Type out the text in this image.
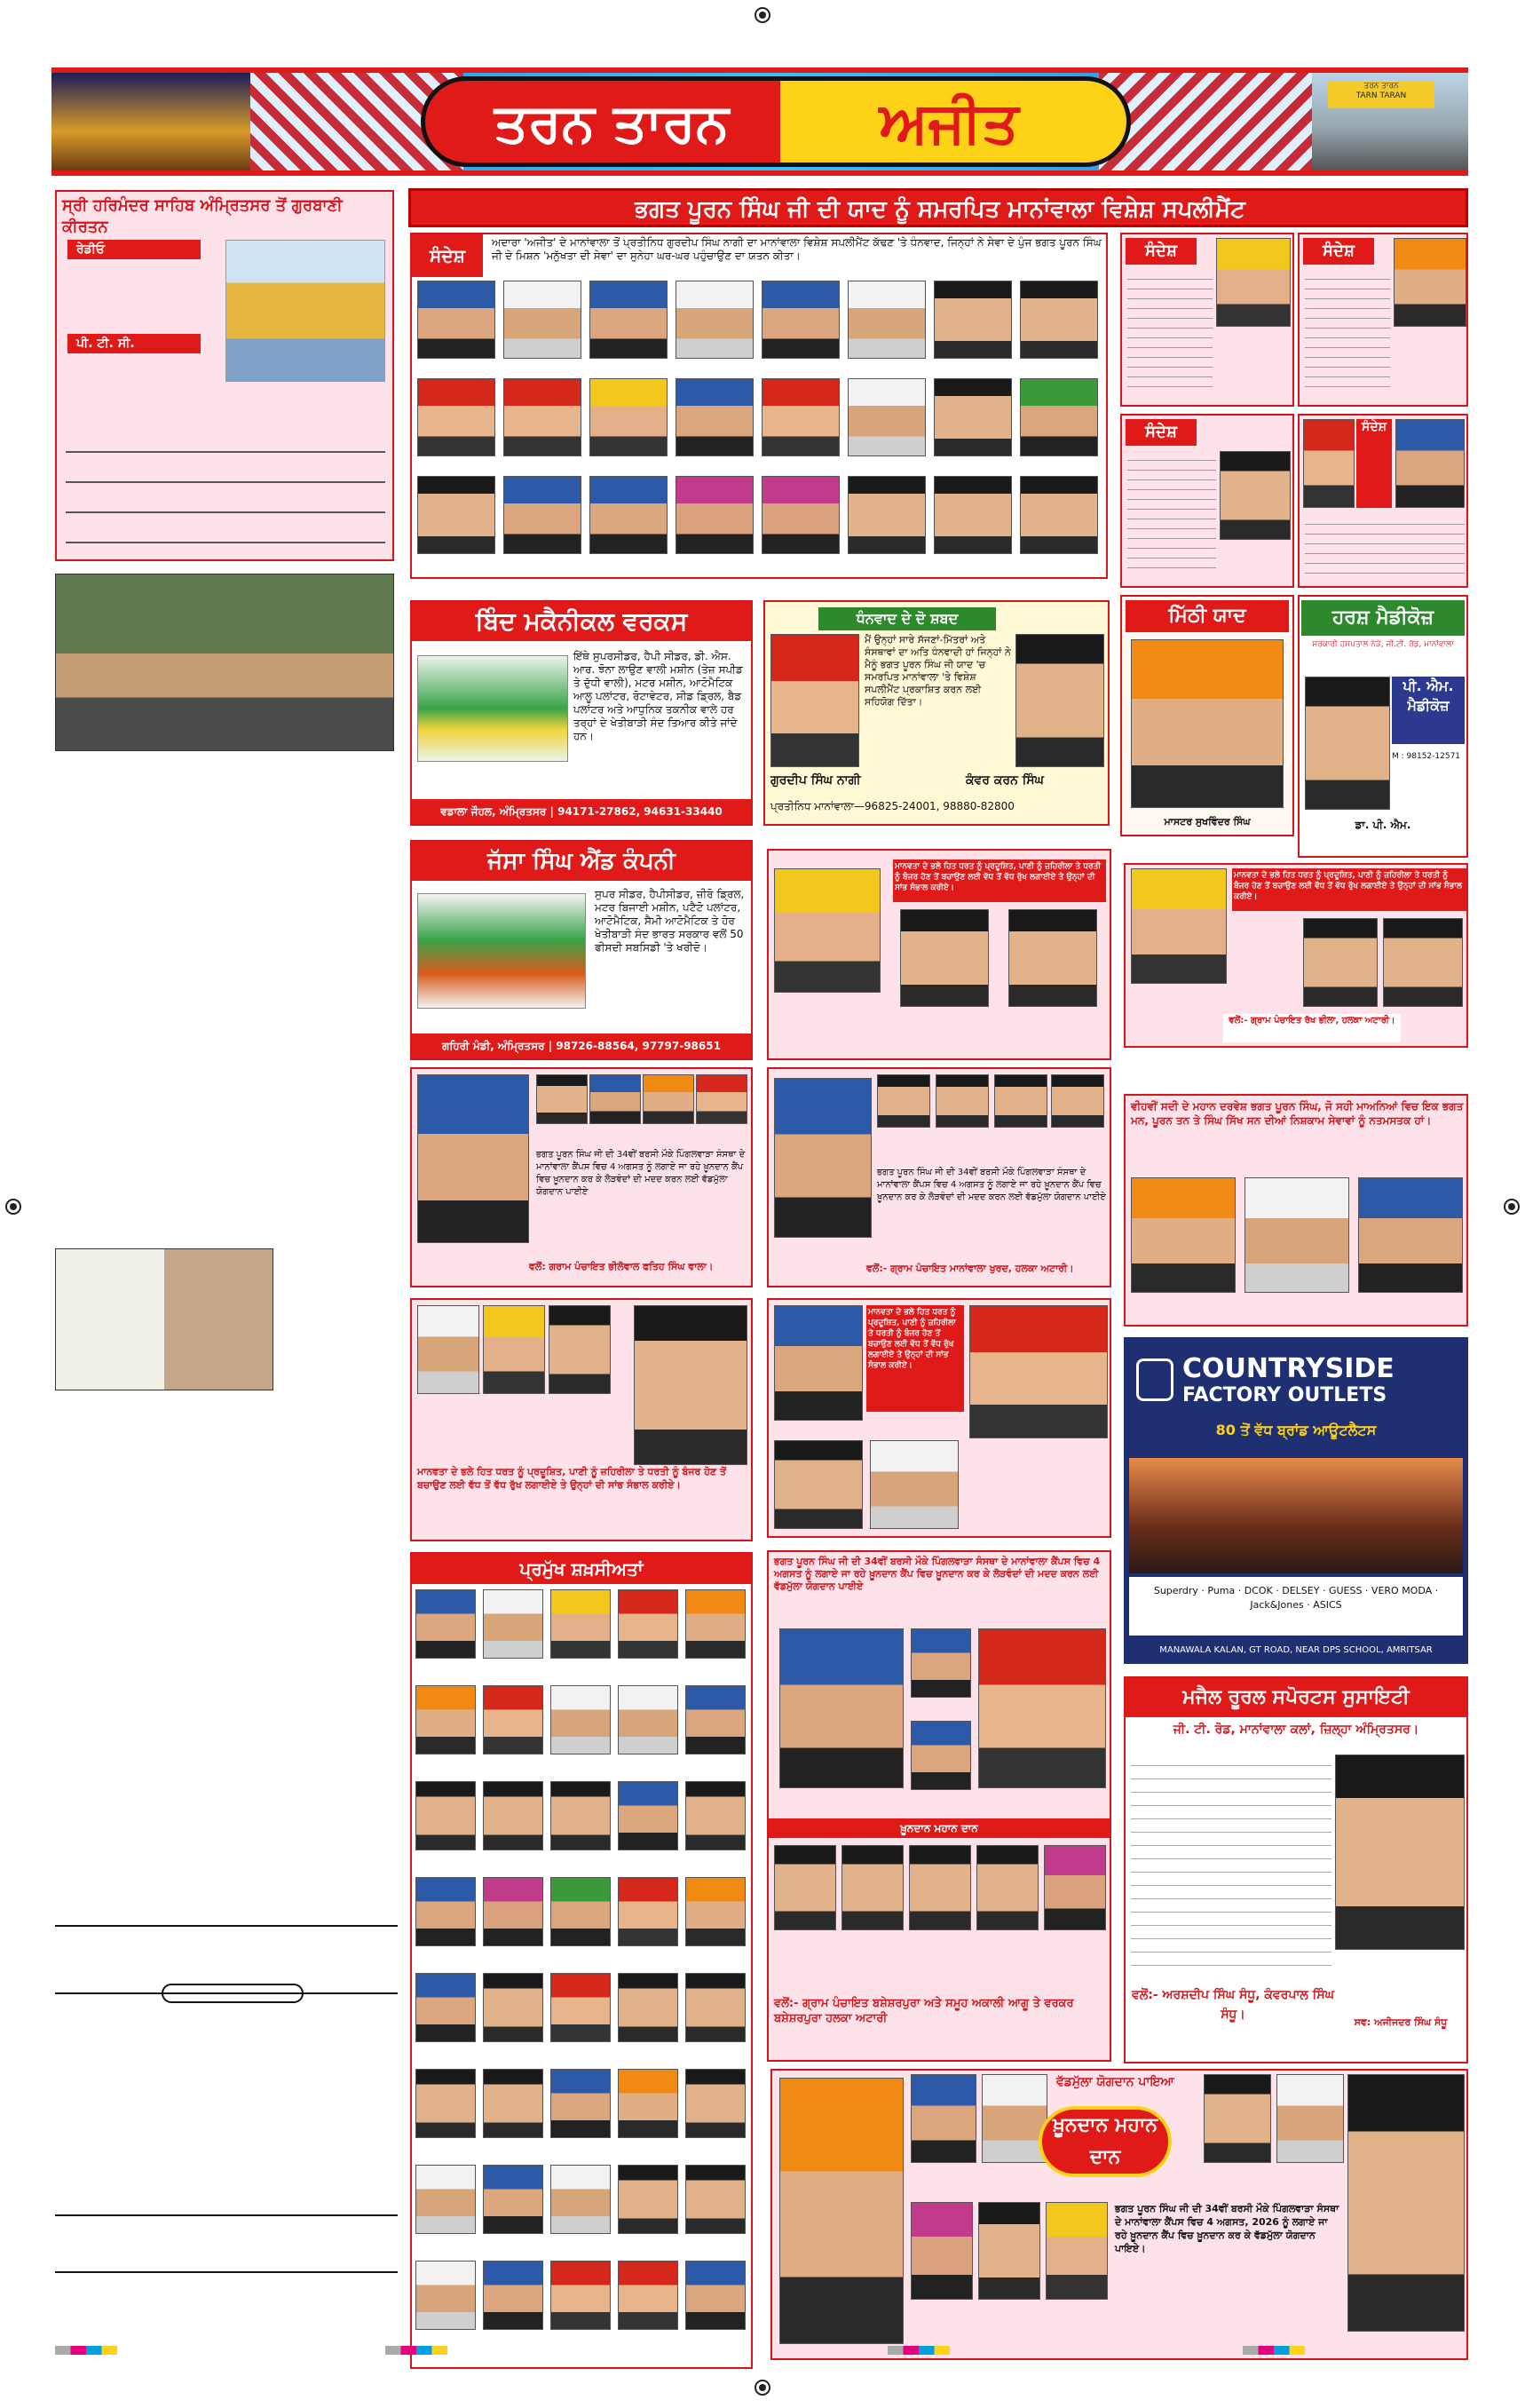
ਤਰਨ ਤਾਰਨ	ਅਜੀਤ
ਤਰਨ ਤਾਰਨ
TARN TARAN
ਸ੍ਰੀ ਹਰਿਮੰਦਰ ਸਾਹਿਬ ਅੰਮ੍ਰਿਤਸਰ ਤੋਂ ਗੁਰਬਾਣੀ ਕੀਰਤਨ
ਰੇਡੀਓ
ਪੀ. ਟੀ. ਸੀ.
ਭਗਤ ਪੂਰਨ ਸਿੰਘ ਜੀ ਦੀ ਯਾਦ ਨੂੰ ਸਮਰਪਿਤ ਮਾਨਾਂਵਾਲਾ ਵਿਸ਼ੇਸ਼ ਸਪਲੀਮੈਂਟ
ਸੰਦੇਸ਼
ਅਦਾਰਾ 'ਅਜੀਤ' ਦੇ ਮਾਨਾਂਵਾਲਾ ਤੋਂ ਪ੍ਰਤੀਨਿਧ ਗੁਰਦੀਪ ਸਿੰਘ ਨਾਗੀ ਦਾ ਮਾਨਾਂਵਾਲਾ ਵਿਸ਼ੇਸ਼ ਸਪਲੀਮੈਂਟ ਕੱਢਣ 'ਤੇ ਧੰਨਵਾਦ, ਜਿਨ੍ਹਾਂ ਨੇ ਸੇਵਾ ਦੇ ਪੁੰਜ ਭਗਤ ਪੂਰਨ ਸਿੰਘ ਜੀ ਦੇ ਮਿਸ਼ਨ 'ਮਨੁੱਖਤਾ ਦੀ ਸੇਵਾ' ਦਾ ਸੁਨੇਹਾ ਘਰ-ਘਰ ਪਹੁੰਚਾਉਣ ਦਾ ਯਤਨ ਕੀਤਾ।	ਸੰਦੇਸ਼	ਸੰਦੇਸ਼
ਸੰਦੇਸ਼	ਸੰਦੇਸ਼
ਬਿੰਦ ਮਕੈਨੀਕਲ ਵਰਕਸ
ਇੱਥੇ ਸੁਪਰਸੀਡਰ, ਹੈਪੀ ਸੀਡਰ, ਡੀ. ਐਸ. ਆਰ. ਝੋਨਾ ਲਾਉਣ ਵਾਲੀ ਮਸ਼ੀਨ (ਤੇਜ਼ ਸਪੀਡ ਤੇ ਦੁੱਧੀ ਵਾਲੀ), ਮਟਰ ਮਸ਼ੀਨ, ਆਟੋਮੈਟਿਕ ਆਲੂ ਪਲਾਂਟਰ, ਰੋਟਾਵੇਟਰ, ਸੀਡ ਡ੍ਰਿਲ, ਬੈਡ ਪਲਾਂਟਰ ਅਤੇ ਆਧੁਨਿਕ ਤਕਨੀਕ ਵਾਲੇ ਹਰ ਤਰ੍ਹਾਂ ਦੇ ਖੇਤੀਬਾੜੀ ਸੰਦ ਤਿਆਰ ਕੀਤੇ ਜਾਂਦੇ ਹਨ।
ਵਡਾਲਾ ਜੌਹਲ, ਅੰਮ੍ਰਿਤਸਰ | 94171-27862, 94631-33440
ਧੰਨਵਾਦ ਦੇ ਦੋ ਸ਼ਬਦ
ਮੈਂ ਉਨ੍ਹਾਂ ਸਾਰੇ ਸੱਜਣਾਂ-ਮਿੱਤਰਾਂ ਅਤੇ ਸੰਸਥਾਵਾਂ ਦਾ ਅਤਿ ਧੰਨਵਾਦੀ ਹਾਂ ਜਿਨ੍ਹਾਂ ਨੇ ਮੈਨੂੰ ਭਗਤ ਪੂਰਨ ਸਿੰਘ ਜੀ ਯਾਦ 'ਚ ਸਮਰਪਿਤ ਮਾਨਾਂਵਾਲਾ 'ਤੇ ਵਿਸ਼ੇਸ਼ ਸਪਲੀਮੈਂਟ ਪ੍ਰਕਾਸ਼ਿਤ ਕਰਨ ਲਈ ਸਹਿਯੋਗ ਦਿੱਤਾ।
ਗੁਰਦੀਪ ਸਿੰਘ ਨਾਗੀ	ਕੰਵਰ ਕਰਨ ਸਿੰਘ
ਪ੍ਰਤੀਨਿਧ ਮਾਨਾਂਵਾਲਾ—96825-24001, 98880-82800
ਮਿੱਠੀ ਯਾਦ
ਮਾਸਟਰ ਸੁਖਵਿੰਦਰ ਸਿੰਘ
ਹਰਸ਼ ਮੈਡੀਕੋਜ਼
ਸਰਕਾਰੀ ਹਸਪਤਾਲ ਨੇੜੇ, ਜੀ.ਟੀ. ਰੋਡ, ਮਾਨਾਂਵਾਲਾ
ਪੀ. ਐਮ. ਮੈਡੀਕੋਜ਼
M : 98152-12571
ਡਾ. ਪੀ. ਐਮ.
ਜੱਸਾ ਸਿੰਘ ਐਂਡ ਕੰਪਨੀ
ਸੁਪਰ ਸੀਡਰ, ਹੈਪੀਸੀਡਰ, ਜ਼ੀਰੋ ਡ੍ਰਿਲ, ਮਟਰ ਬਿਜਾਈ ਮਸ਼ੀਨ, ਪਟੈਟੋ ਪਲਾਂਟਰ, ਆਟੋਮੈਟਿਕ, ਸੈਮੀ ਆਟੋਮੈਟਿਕ ਤੇ ਹੋਰ ਖੇਤੀਬਾੜੀ ਸੰਦ ਭਾਰਤ ਸਰਕਾਰ ਵਲੋਂ 50 ਫੀਸਦੀ ਸਬਸਿਡੀ 'ਤੇ ਖਰੀਦੋ।
ਗਹਿਰੀ ਮੰਡੀ, ਅੰਮ੍ਰਿਤਸਰ | 98726-88564, 97797-98651
ਮਾਨਵਤਾ ਦੇ ਭਲੇ ਹਿਤ ਧਰਤ ਨੂੰ ਪ੍ਰਦੂਸ਼ਿਤ, ਪਾਣੀ ਨੂੰ ਜ਼ਹਿਰੀਲਾ ਤੇ ਧਰਤੀ ਨੂੰ ਬੰਜਰ ਹੋਣ ਤੋਂ ਬਚਾਉਣ ਲਈ ਵੱਧ ਤੋਂ ਵੱਧ ਰੁੱਖ ਲਗਾਈਏ ਤੇ ਉਨ੍ਹਾਂ ਦੀ ਸਾਂਭ ਸੰਭਾਲ ਕਰੀਏ।
ਮਾਨਵਤਾ ਦੇ ਭਲੇ ਹਿਤ ਧਰਤ ਨੂੰ ਪ੍ਰਦੂਸ਼ਿਤ, ਪਾਣੀ ਨੂੰ ਜ਼ਹਿਰੀਲਾ ਤੇ ਧਰਤੀ ਨੂੰ ਬੰਜਰ ਹੋਣ ਤੋਂ ਬਚਾਉਣ ਲਈ ਵੱਧ ਤੋਂ ਵੱਧ ਰੁੱਖ ਲਗਾਈਏ ਤੇ ਉਨ੍ਹਾਂ ਦੀ ਸਾਂਭ ਸੰਭਾਲ ਕਰੀਏ।
ਵਲੋਂ:- ਗ੍ਰਾਮ ਪੰਚਾਇਤ ਰੱਖ ਭੀਲਾ, ਹਲਕਾ ਅਟਾਰੀ।
ਭਗਤ ਪੂਰਨ ਸਿੰਘ ਜੀ ਦੀ 34ਵੀਂ ਬਰਸੀ ਮੌਕੇ ਪਿੰਗਲਵਾੜਾ ਸੰਸਥਾ ਦੇ ਮਾਨਾਂਵਾਲਾ ਕੈਂਪਸ ਵਿਚ 4 ਅਗਸਤ ਨੂੰ ਲਗਾਏ ਜਾ ਰਹੇ ਖ਼ੂਨਦਾਨ ਕੈਂਪ ਵਿਚ ਖ਼ੂਨਦਾਨ ਕਰ ਕੇ ਲੋੜਵੰਦਾਂ ਦੀ ਮਦਦ ਕਰਨ ਲਈ ਵੱਡਮੁੱਲਾ ਯੋਗਦਾਨ ਪਾਈਏ
ਵਲੋਂ: ਗਰਾਮ ਪੰਚਾਇਤ ਭੀਲੋਵਾਲ ਫਤਿਹ ਸਿੰਘ ਵਾਲਾ।
ਭਗਤ ਪੂਰਨ ਸਿੰਘ ਜੀ ਦੀ 34ਵੀਂ ਬਰਸੀ ਮੌਕੇ ਪਿੰਗਲਵਾੜਾ ਸੰਸਥਾ ਦੇ ਮਾਨਾਂਵਾਲਾ ਕੈਂਪਸ ਵਿਚ 4 ਅਗਸਤ ਨੂੰ ਲਗਾਏ ਜਾ ਰਹੇ ਖ਼ੂਨਦਾਨ ਕੈਂਪ ਵਿਚ ਖ਼ੂਨਦਾਨ ਕਰ ਕੇ ਲੋੜਵੰਦਾਂ ਦੀ ਮਦਦ ਕਰਨ ਲਈ ਵੱਡਮੁੱਲਾ ਯੋਗਦਾਨ ਪਾਈਏ
ਵਲੋਂ:- ਗ੍ਰਾਮ ਪੰਚਾਇਤ ਮਾਨਾਂਵਾਲਾ ਖੁਰਦ, ਹਲਕਾ ਅਟਾਰੀ।
ਵੀਹਵੀਂ ਸਦੀ ਦੇ ਮਹਾਨ ਦਰਵੇਸ਼ ਭਗਤ ਪੂਰਨ ਸਿੰਘ, ਜੋ ਸਹੀ ਮਾਅਨਿਆਂ ਵਿਚ ਇਕ ਭਗਤ ਮਨ, ਪੂਰਨ ਤਨ ਤੇ ਸਿੰਘ ਸਿੱਖ ਸਨ ਦੀਆਂ ਨਿਸ਼ਕਾਮ ਸੇਵਾਵਾਂ ਨੂੰ ਨਤਮਸਤਕ ਹਾਂ।
ਮਾਨਵਤਾ ਦੇ ਭਲੇ ਹਿਤ ਧਰਤ ਨੂੰ ਪ੍ਰਦੂਸ਼ਿਤ, ਪਾਣੀ ਨੂੰ ਜ਼ਹਿਰੀਲਾ ਤੇ ਧਰਤੀ ਨੂੰ ਬੰਜਰ ਹੋਣ ਤੋਂ ਬਚਾਉਣ ਲਈ ਵੱਧ ਤੋਂ ਵੱਧ ਰੁੱਖ ਲਗਾਈਏ ਤੇ ਉਨ੍ਹਾਂ ਦੀ ਸਾਂਭ ਸੰਭਾਲ ਕਰੀਏ।
ਮਾਨਵਤਾ ਦੇ ਭਲੇ ਹਿਤ ਧਰਤ ਨੂੰ ਪ੍ਰਦੂਸ਼ਿਤ, ਪਾਣੀ ਨੂੰ ਜ਼ਹਿਰੀਲਾ ਤੇ ਧਰਤੀ ਨੂੰ ਬੰਜਰ ਹੋਣ ਤੋਂ ਬਚਾਉਣ ਲਈ ਵੱਧ ਤੋਂ ਵੱਧ ਰੁੱਖ ਲਗਾਈਏ ਤੇ ਉਨ੍ਹਾਂ ਦੀ ਸਾਂਭ ਸੰਭਾਲ ਕਰੀਏ।	COUNTRYSIDE
FACTORY OUTLETS
80 ਤੋਂ ਵੱਧ ਬ੍ਰਾਂਡ ਆਊਟਲੈਟਸ
Superdry · Puma · DCOK · DELSEY · GUESS · VERO MODA · Jack&Jones · ASICS
MANAWALA KALAN, GT ROAD, NEAR DPS SCHOOL, AMRITSAR
ਪ੍ਰਮੁੱਖ ਸ਼ਖ਼ਸੀਅਤਾਂ	ਭਗਤ ਪੂਰਨ ਸਿੰਘ ਜੀ ਦੀ 34ਵੀਂ ਬਰਸੀ ਮੌਕੇ ਪਿੰਗਲਵਾੜਾ ਸੰਸਥਾ ਦੇ ਮਾਨਾਂਵਾਲਾ ਕੈਂਪਸ ਵਿਚ 4 ਅਗਸਤ ਨੂੰ ਲਗਾਏ ਜਾ ਰਹੇ ਖ਼ੂਨਦਾਨ ਕੈਂਪ ਵਿਚ ਖ਼ੂਨਦਾਨ ਕਰ ਕੇ ਲੋੜਵੰਦਾਂ ਦੀ ਮਦਦ ਕਰਨ ਲਈ ਵੱਡਮੁੱਲਾ ਯੋਗਦਾਨ ਪਾਈਏ
ਖ਼ੂਨਦਾਨ ਮਹਾਨ ਦਾਨ
ਵਲੋਂ:- ਗ੍ਰਾਮ ਪੰਚਾਇਤ ਬਸ਼ੇਸ਼ਰਪੁਰਾ ਅਤੇ ਸਮੂਹ ਅਕਾਲੀ ਆਗੂ ਤੇ ਵਰਕਰ ਬਸ਼ੇਸ਼ਰਪੁਰਾ ਹਲਕਾ ਅਟਾਰੀ
ਮਜੈਲ ਰੂਰਲ ਸਪੋਰਟਸ ਸੁਸਾਇਟੀ
ਜੀ. ਟੀ. ਰੋਡ, ਮਾਨਾਂਵਾਲਾ ਕਲਾਂ, ਜ਼ਿਲ੍ਹਾ ਅੰਮ੍ਰਿਤਸਰ।
ਵਲੋਂ:- ਅਰਸ਼ਦੀਪ ਸਿੰਘ ਸੰਧੂ, ਕੰਵਰਪਾਲ ਸਿੰਘ ਸੰਧੂ।
ਸਵ: ਅਜੀਜਦਰ ਸਿੰਘ ਸੰਧੂ
ਵੱਡਮੁੱਲਾ ਯੋਗਦਾਨ ਪਾਇਆ
ਖ਼ੂਨਦਾਨ ਮਹਾਨ ਦਾਨ
ਭਗਤ ਪੂਰਨ ਸਿੰਘ ਜੀ ਦੀ 34ਵੀਂ ਬਰਸੀ ਮੌਕੇ ਪਿੰਗਲਵਾੜਾ ਸੰਸਥਾ ਦੇ ਮਾਨਾਂਵਾਲਾ ਕੈਂਪਸ ਵਿਚ 4 ਅਗਸਤ, 2026 ਨੂੰ ਲਗਾਏ ਜਾ ਰਹੇ ਖ਼ੂਨਦਾਨ ਕੈਂਪ ਵਿਚ ਖ਼ੂਨਦਾਨ ਕਰ ਕੇ ਵੱਡਮੁੱਲਾ ਯੋਗਦਾਨ ਪਾਇਏ।
